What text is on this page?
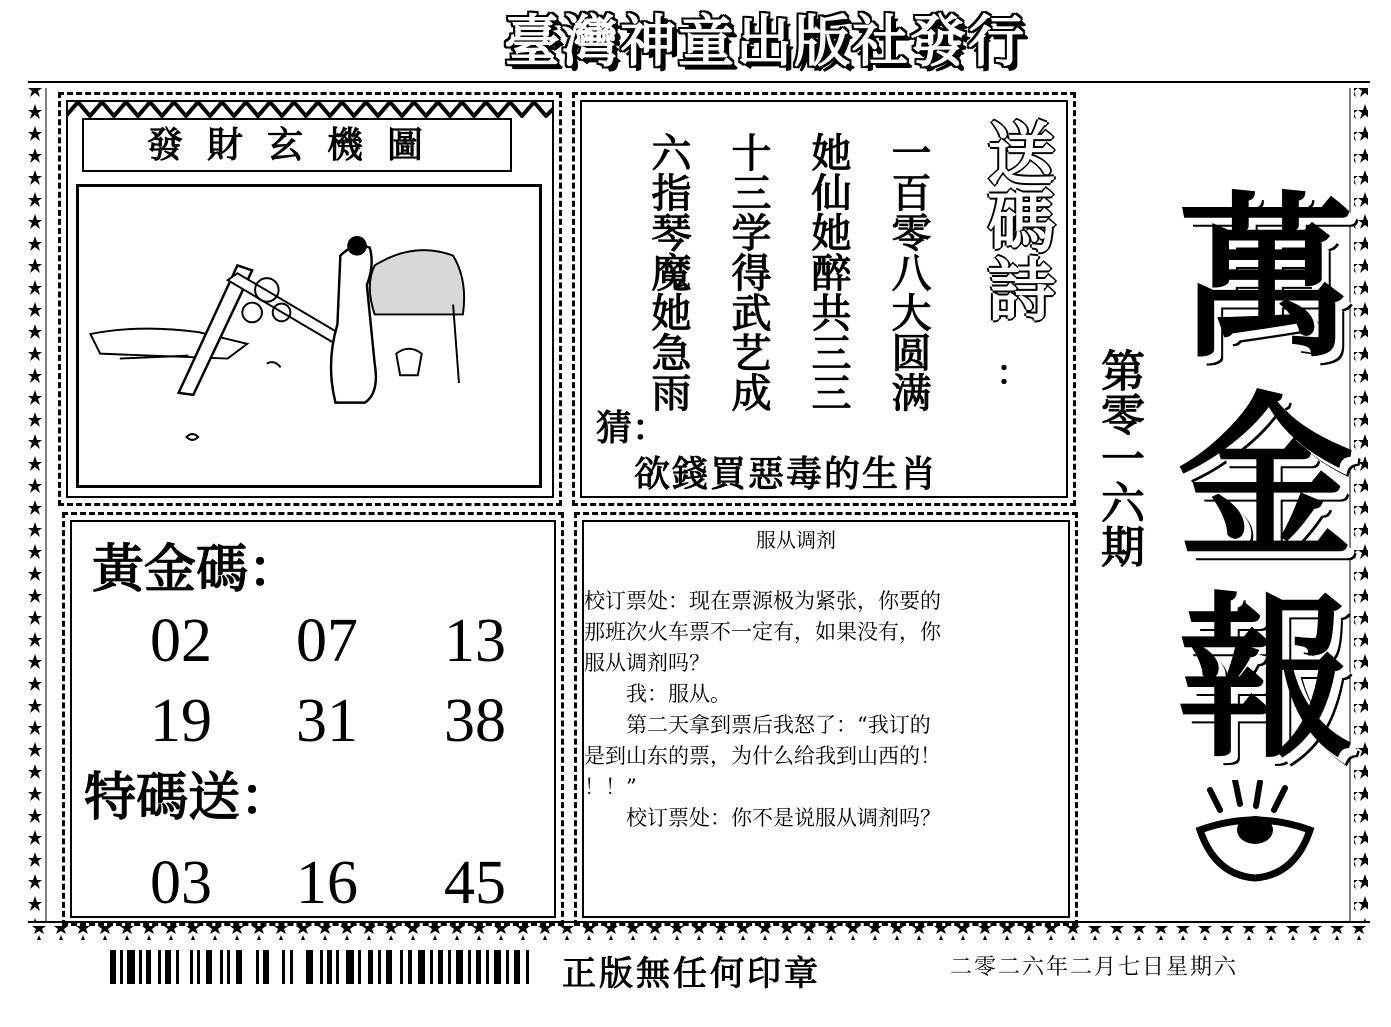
臺灣神童出版社發行
發財玄機圖	送碼詩
：
一百零八大圆满
她仙她醉共三三
十三学得武艺成
六指琴魔她急雨
猜：
欲錢買惡毒的生肖
萬
金
報
第零一六期
黃金碼：
02	07	13
19	31	38
特碼送：
03	16	45
服从调剂
校订票处：现在票源极为紧张，你要的
那班次火车票不一定有，如果没有，你
服从调剂吗？
　　我：服从。
　　第二天拿到票后我怒了：“我订的
是到山东的票，为什么给我到山西的！
！！”
　　校订票处：你不是说服从调剂吗？
正版無任何印章	二零二六年二月七日星期六
